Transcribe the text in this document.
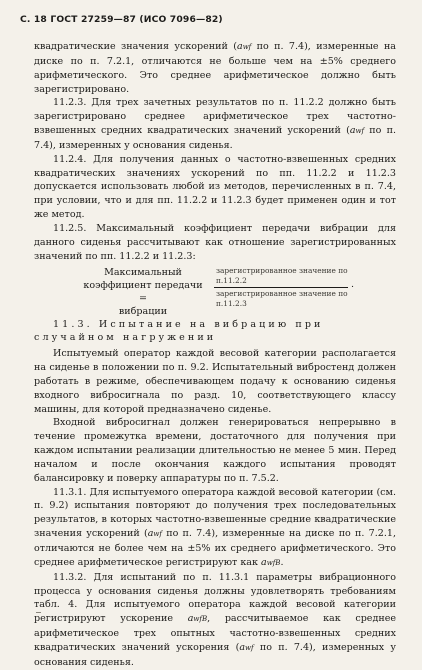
С. 18 ГОСТ 27259—87 (ИСО 7096—82)

квадратические значения ускорений (awf по п. 7.4), измеренные на диске по п. 7.2.1, отличаются не больше чем на ±5% среднего арифметического. Это среднее арифметическое должно быть зарегистрировано.

11.2.3. Для трех зачетных результатов по п. 11.2.2 должно быть зарегистрировано среднее арифметическое трех частотно-взвешенных средних квадратических значений ускорений (awf по п. 7.4), измеренных у основания сиденья.

11.2.4. Для получения данных о частотно-взвешенных средних квадратических значениях ускорений по пп. 11.2.2 и 11.2.3 допускается использовать любой из методов, перечисленных в п. 7.4, при условии, что и для пп. 11.2.2 и 11.2.3 будет применен один и тот же метод.

11.2.5. Максимальный коэффициент передачи вибрации для данного сиденья рассчитывают как отношение зарегистрированных значений по пп. 11.2.2 и 11.2.3:

Максимальный
коэффициент передачи =
вибрации
зарегистрированное значение по
п.11.2.2
зарегистрированное значение по
п.11.2.3
.

11.3. Испытание на вибрацию при случайном нагружении

Испытуемый оператор каждой весовой категории располагается на сиденье в положении по п. 9.2. Испытательный вибростенд должен работать в режиме, обеспечивающем подачу к основанию сиденья входного вибросигнала по разд. 10, соответствующего классу машины, для которой предназначено сиденье.

Входной вибросигнал должен генерироваться непрерывно в течение промежутка времени, достаточного для получения при каждом испытании реализации длительностью не менее 5 мин. Перед началом и после окончания каждого испытания проводят балансировку и поверку аппаратуры по п. 7.5.2.

11.3.1. Для испытуемого оператора каждой весовой категории (см. п. 9.2) испытания повторяют до получения трех последовательных результатов, в которых частотно-взвешенные средние квадратические значения ускорений (awf по п. 7.4), измеренные на диске по п. 7.2.1, отличаются не более чем на ±5% их среднего арифметического. Это среднее арифметическое регистрируют как awfB.

11.3.2. Для испытаний по п. 11.3.1 параметры вибрационного процесса у основания сиденья должны удовлетворять требованиям табл. 4. Для испытуемого оператора каждой весовой категории регистрируют ускорение awfB, рассчитываемое как среднее арифметическое трех опытных частотно-взвешенных средних квадратических значений ускорения (awf по п. 7.4), измеренных у основания сиденья.
